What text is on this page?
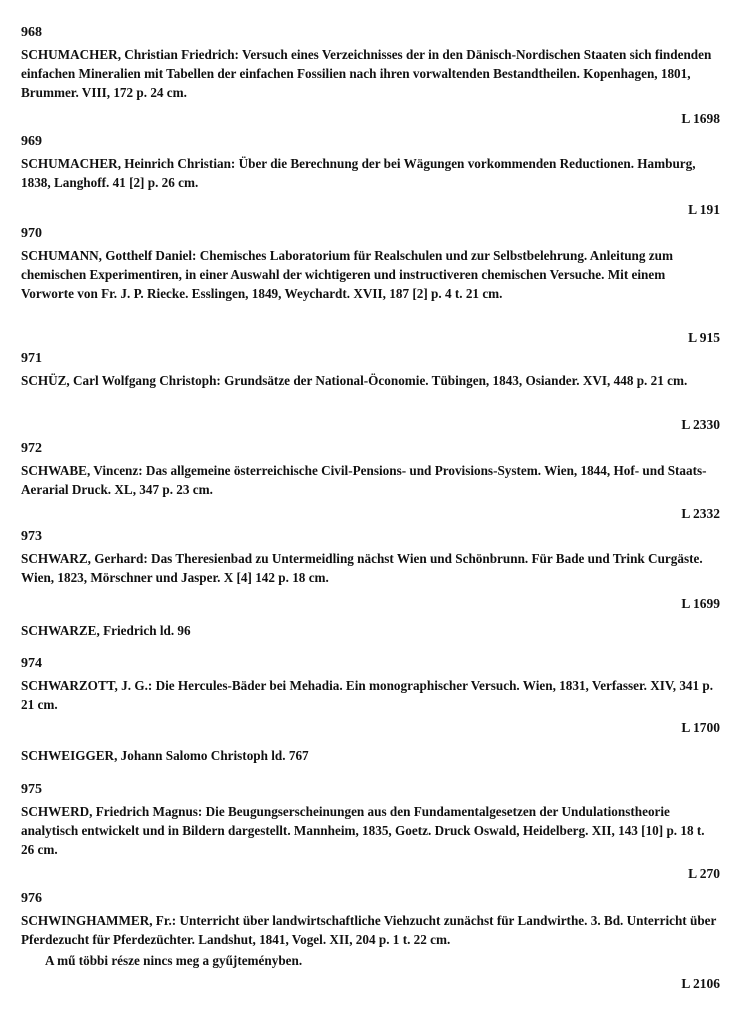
968

SCHUMACHER, Christian Friedrich: Versuch eines Verzeichnisses der in den Dänisch-Nordischen Staaten sich findenden einfachen Mineralien mit Tabellen der einfachen Fossilien nach ihren vorwaltenden Bestandtheilen. Kopenhagen, 1801, Brummer. VIII, 172 p. 24 cm.

L 1698
969

SCHUMACHER, Heinrich Christian: Über die Berechnung der bei Wägungen vorkommenden Reductionen. Hamburg, 1838, Langhoff. 41 [2] p. 26 cm.

L 191
970

SCHUMANN, Gotthelf Daniel: Chemisches Laboratorium für Realschulen und zur Selbstbelehrung. Anleitung zum chemischen Experimentiren, in einer Auswahl der wichtigeren und instructiveren chemischen Versuche. Mit einem Vorworte von Fr. J. P. Riecke. Esslingen, 1849, Weychardt. XVII, 187 [2] p. 4 t. 21 cm.

L 915
971

SCHÜZ, Carl Wolfgang Christoph: Grundsätze der National-Öconomie. Tübingen, 1843, Osiander. XVI, 448 p. 21 cm.

L 2330
972

SCHWABE, Vincenz: Das allgemeine österreichische Civil-Pensions- und Provisions-System. Wien, 1844, Hof- und Staats-Aerarial Druck. XL, 347 p. 23 cm.

L 2332
973

SCHWARZ, Gerhard: Das Theresienbad zu Untermeidling nächst Wien und Schönbrunn. Für Bade und Trink Curgäste. Wien, 1823, Mörschner und Jasper. X [4] 142 p. 18 cm.

L 1699
SCHWARZE, Friedrich ld. 96
974

SCHWARZOTT, J. G.: Die Hercules-Bäder bei Mehadia. Ein monographischer Versuch. Wien, 1831, Verfasser. XIV, 341 p. 21 cm.

L 1700
SCHWEIGGER, Johann Salomo Christoph ld. 767
975

SCHWERD, Friedrich Magnus: Die Beugungserscheinungen aus den Fundamentalgesetzen der Undulationstheorie analytisch entwickelt und in Bildern dargestellt. Mannheim, 1835, Goetz. Druck Oswald, Heidelberg. XII, 143 [10] p. 18 t. 26 cm.

L 270
976

SCHWINGHAMMER, Fr.: Unterricht über landwirtschaftliche Viehzucht zunächst für Landwirthe. 3. Bd. Unterricht über Pferdezucht für Pferdezüchter. Landshut, 1841, Vogel. XII, 204 p. 1 t. 22 cm.

A mű többi része nincs meg a gyűjteményben.

L 2106
